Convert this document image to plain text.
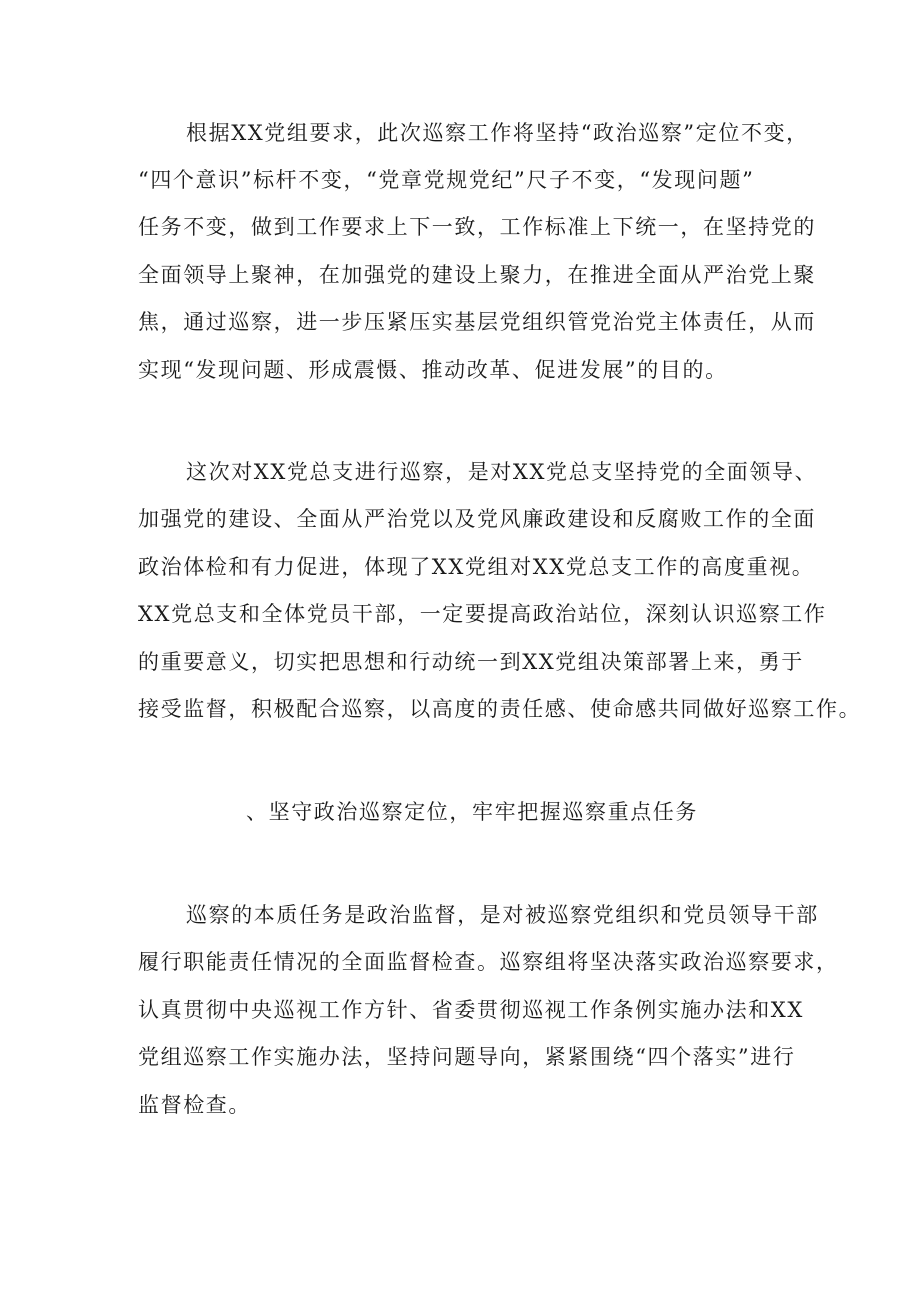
根据XX党组要求，此次巡察工作将坚持“政治巡察”定位不变，
“四个意识”标杆不变，“党章党规党纪”尺子不变，“发现问题”
任务不变，做到工作要求上下一致，工作标准上下统一，在坚持党的
全面领导上聚神，在加强党的建设上聚力，在推进全面从严治党上聚
焦，通过巡察，进一步压紧压实基层党组织管党治党主体责任，从而
实现“发现问题、形成震慑、推动改革、促进发展”的目的。
这次对XX党总支进行巡察，是对XX党总支坚持党的全面领导、
加强党的建设、全面从严治党以及党风廉政建设和反腐败工作的全面
政治体检和有力促进，体现了XX党组对XX党总支工作的高度重视。
XX党总支和全体党员干部，一定要提高政治站位，深刻认识巡察工作
的重要意义，切实把思想和行动统一到XX党组决策部署上来，勇于
接受监督，积极配合巡察，以高度的责任感、使命感共同做好巡察工作。
、坚守政治巡察定位，牢牢把握巡察重点任务
巡察的本质任务是政治监督，是对被巡察党组织和党员领导干部
履行职能责任情况的全面监督检查。巡察组将坚决落实政治巡察要求，
认真贯彻中央巡视工作方针、省委贯彻巡视工作条例实施办法和XX
党组巡察工作实施办法，坚持问题导向，紧紧围绕“四个落实”进行
监督检查。
